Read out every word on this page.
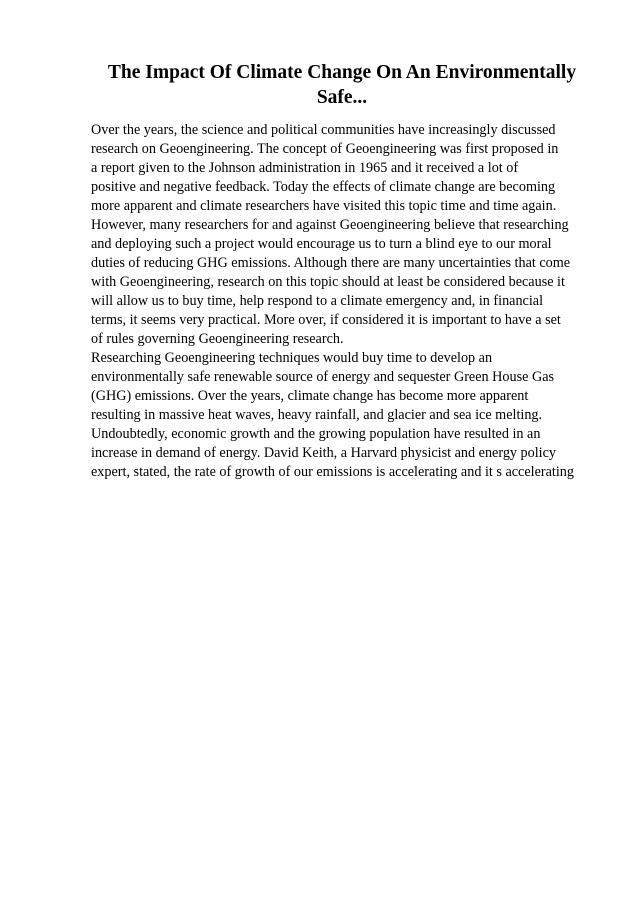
The Impact Of Climate Change On An Environmentally
Safe...
Over the years, the science and political communities have increasingly discussed
research on Geoengineering. The concept of Geoengineering was first proposed in
a report given to the Johnson administration in 1965 and it received a lot of
positive and negative feedback. Today the effects of climate change are becoming
more apparent and climate researchers have visited this topic time and time again.
However, many researchers for and against Geoengineering believe that researching
and deploying such a project would encourage us to turn a blind eye to our moral
duties of reducing GHG emissions. Although there are many uncertainties that come
with Geoengineering, research on this topic should at least be considered because it
will allow us to buy time, help respond to a climate emergency and, in financial
terms, it seems very practical. More over, if considered it is important to have a set
of rules governing Geoengineering research.
Researching Geoengineering techniques would buy time to develop an
environmentally safe renewable source of energy and sequester Green House Gas
(GHG) emissions. Over the years, climate change has become more apparent
resulting in massive heat waves, heavy rainfall, and glacier and sea ice melting.
Undoubtedly, economic growth and the growing population have resulted in an
increase in demand of energy. David Keith, a Harvard physicist and energy policy
expert, stated, the rate of growth of our emissions is accelerating and it s accelerating
